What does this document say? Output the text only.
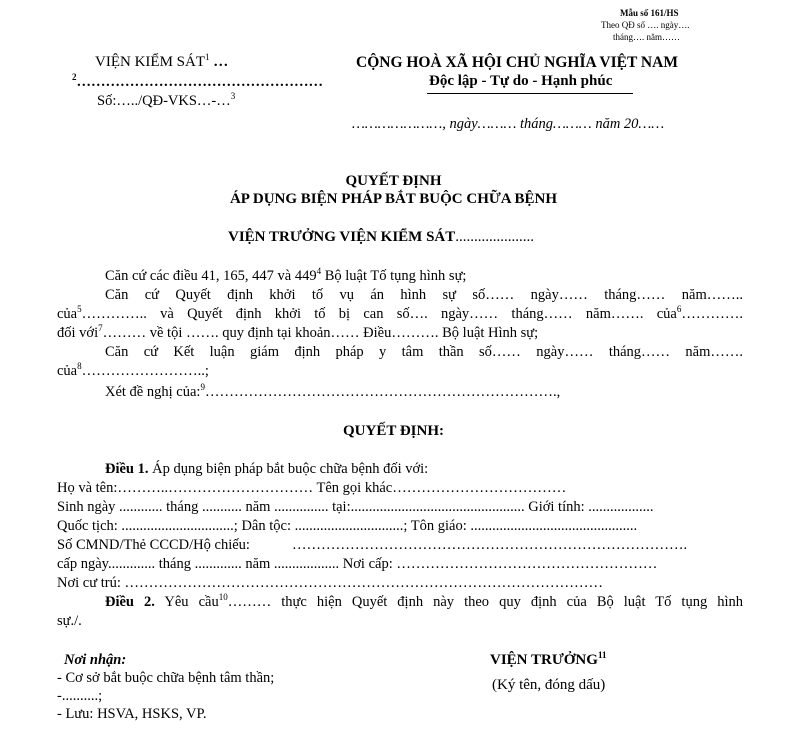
Mẫu số 161/HS
Theo QĐ số …. ngày….
tháng…. năm……
VIỆN KIỂM SÁT$^1$ …
$^2$……………………………………………
Số:…../QĐ-VKS…-…$^3$
CỘNG HOÀ XÃ HỘI CHỦ NGHĨA VIỆT NAM
Độc lập - Tự do - Hạnh phúc
…………………, ngày……… tháng……… năm 20……
QUYẾT ĐỊNH
ÁP DỤNG BIỆN PHÁP BẮT BUỘC CHỮA BỆNH
VIỆN TRƯỞNG VIỆN KIỂM SÁT.....................
Căn cứ các điều 41, 165, 447 và $449^4$ Bộ luật Tố tụng hình sự;
Căn cứ Quyết định khởi tố vụ án hình sự số…… ngày…… tháng…… năm……..
của$^5$………….. và Quyết định khởi tố bị can số…. ngày…… tháng…… năm……. của$^6$………….
đối với$^7$……… về tội ……. quy định tại khoản…… Điều………. Bộ luật Hình sự;
Căn cứ Kết luận giám định pháp y tâm thần số…… ngày…… tháng…… năm…….
của$^8$……………………..;
Xét đề nghị của:$^9$……………………………………………………………….,
QUYẾT ĐỊNH:
Điều 1. Áp dụng biện pháp bắt buộc chữa bệnh đối với:
Họ và tên:………..………………………… Tên gọi khác………………………………
Sinh ngày ............ tháng ........... năm ............... tại:................................................ Giới tính: ..................
Quốc tịch: ...............................; Dân tộc: ..............................; Tôn giáo: ..............................................
Số CMND/Thẻ CCCD/Hộ chiếu:	……………………………………………………………………….
cấp ngày............. tháng ............. năm .................. Nơi cấp: ………………………………………………
Nơi cư trú: ………………………………………………………………………………………
Điều 2. Yêu cầu$^{10}$……… thực hiện Quyết định này theo quy định của Bộ luật Tố tụng hình
sự./.
Nơi nhận:
- Cơ sở bắt buộc chữa bệnh tâm thần;
-..........;
- Lưu: HSVA, HSKS, VP.
VIỆN TRƯỞNG$^{11}$
(Ký tên, đóng dấu)
